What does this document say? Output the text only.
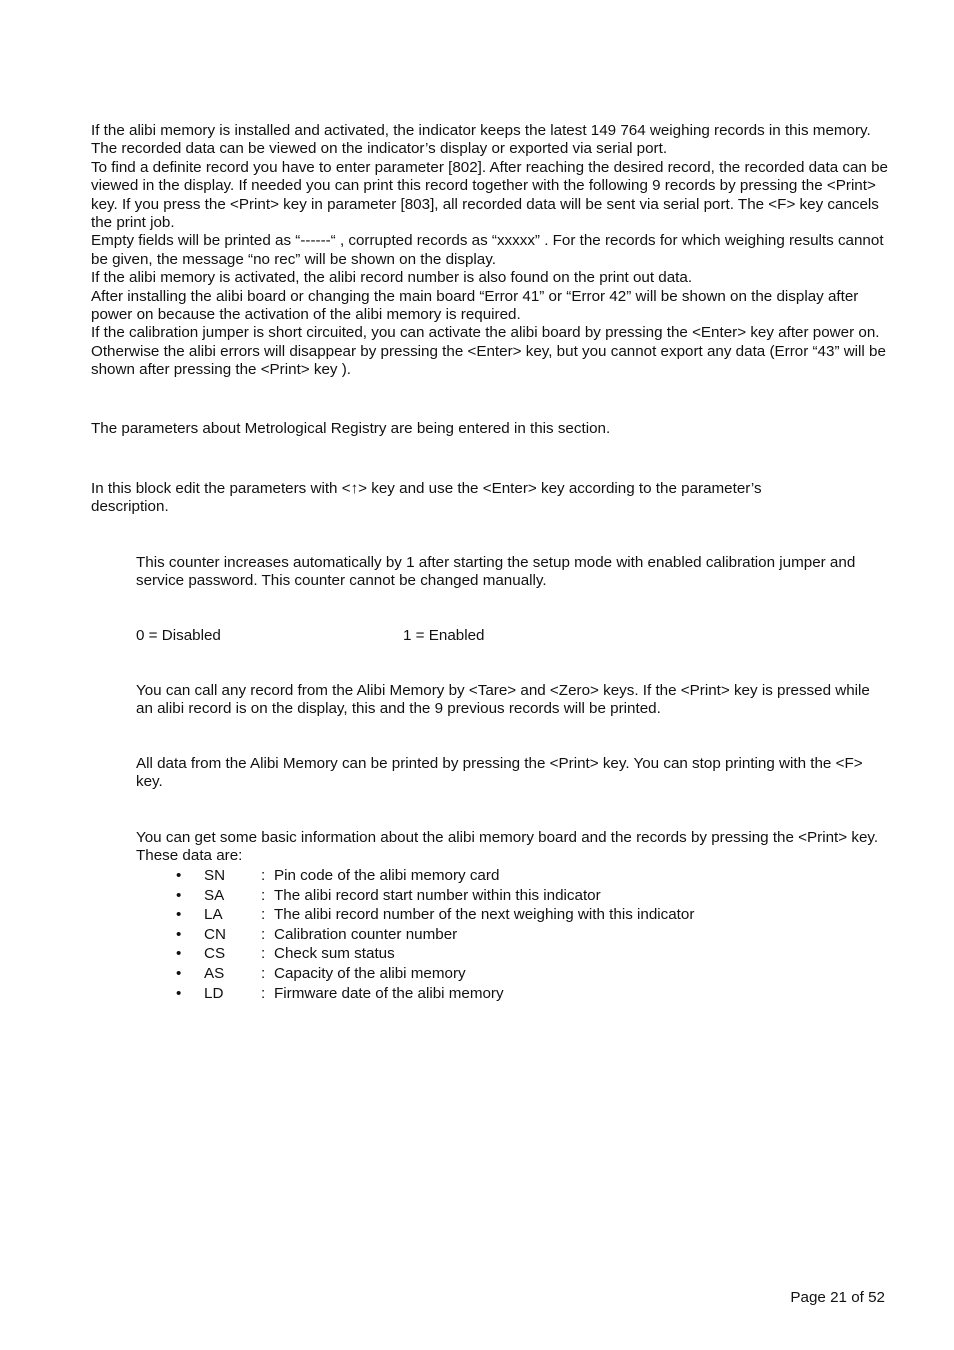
If the alibi memory is installed and activated, the indicator keeps the latest 149 764 weighing records in this memory. The recorded data can be viewed on the indicator’s display or exported via serial port.

To find a definite record you have to enter parameter [802]. After reaching the desired record, the recorded data can be viewed in the display. If needed you can print this record together with the following 9 records by pressing the <Print> key. If you press the <Print> key in parameter [803], all recorded data will be sent via serial port. The <F> key cancels the print job.

Empty fields will be printed as “------“ , corrupted records as “xxxxx” . For the records for which weighing results cannot be given, the message “no rec” will be shown on the display.

If the alibi memory is activated, the alibi record number is also found on the print out data.

After installing the alibi board or changing the main board “Error 41” or “Error 42” will be shown on the display after power on because the activation of the alibi memory is required.

If the calibration jumper is short circuited, you can activate the alibi board by pressing the <Enter> key after power on. Otherwise the alibi errors will disappear by pressing the <Enter> key, but you cannot export any data (Error “43” will be shown after pressing the <Print> key ).

The parameters about Metrological Registry are being entered in this section.
In this block edit the parameters with <↑> key and use the <Enter> key according to the parameter’s description.
This counter increases automatically by 1 after starting the setup mode with enabled calibration jumper and service password. This counter cannot be changed manually.
0 = Disabled	1 = Enabled
You can call any record from the Alibi Memory by <Tare> and <Zero> keys. If the <Print> key is pressed while an alibi record is on the display, this and the 9 previous records will be printed.
All data from the Alibi Memory can be printed by pressing the <Print> key. You can stop printing with the <F> key.
You can get some basic information about the alibi memory board and the records by pressing the <Print> key. These data are:
• SN : Pin code of the alibi memory card
• SA : The alibi record start number within this indicator
• LA	: The alibi record number of the next weighing with this indicator
• CN : Calibration counter number
• CS : Check sum status
• AS : Capacity of the alibi memory
• LD : Firmware date of the alibi memory
Page 21 of 52
